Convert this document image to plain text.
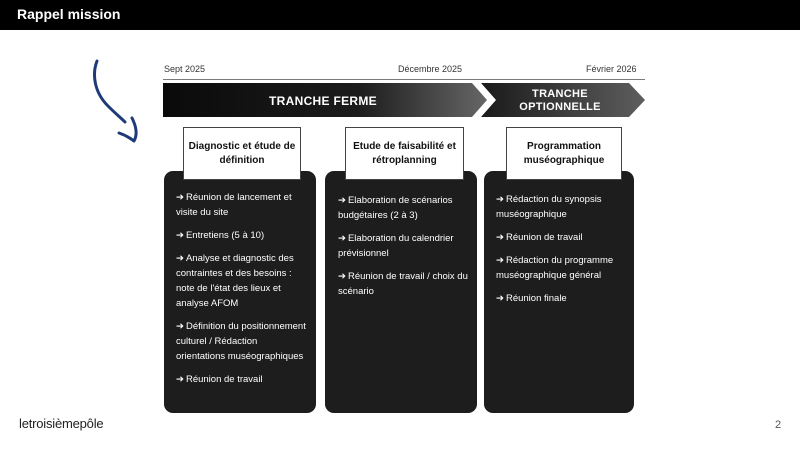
Rappel mission
Sept 2025	Décembre 2025	Février 2026
TRANCHE FERME	TRANCHE
OPTIONNELLE
Diagnostic et étude de définition
Etude de faisabilité et rétroplanning
Programmation muséographique
➔ Réunion de lancement et visite du site
➔ Entretiens (5 à 10)
➔ Analyse et diagnostic des contraintes et des besoins : note de l'état des lieux et analyse AFOM
➔ Définition du positionnement culturel / Rédaction orientations muséographiques
➔ Réunion de travail
➔ Elaboration de scénarios budgétaires (2 à 3)
➔ Elaboration du calendrier prévisionnel
➔ Réunion de travail / choix du scénario
➔ Rédaction du synopsis muséographique
➔ Réunion de travail
➔ Rédaction du programme muséographique général
➔ Réunion finale
letroisièmepôle	2
